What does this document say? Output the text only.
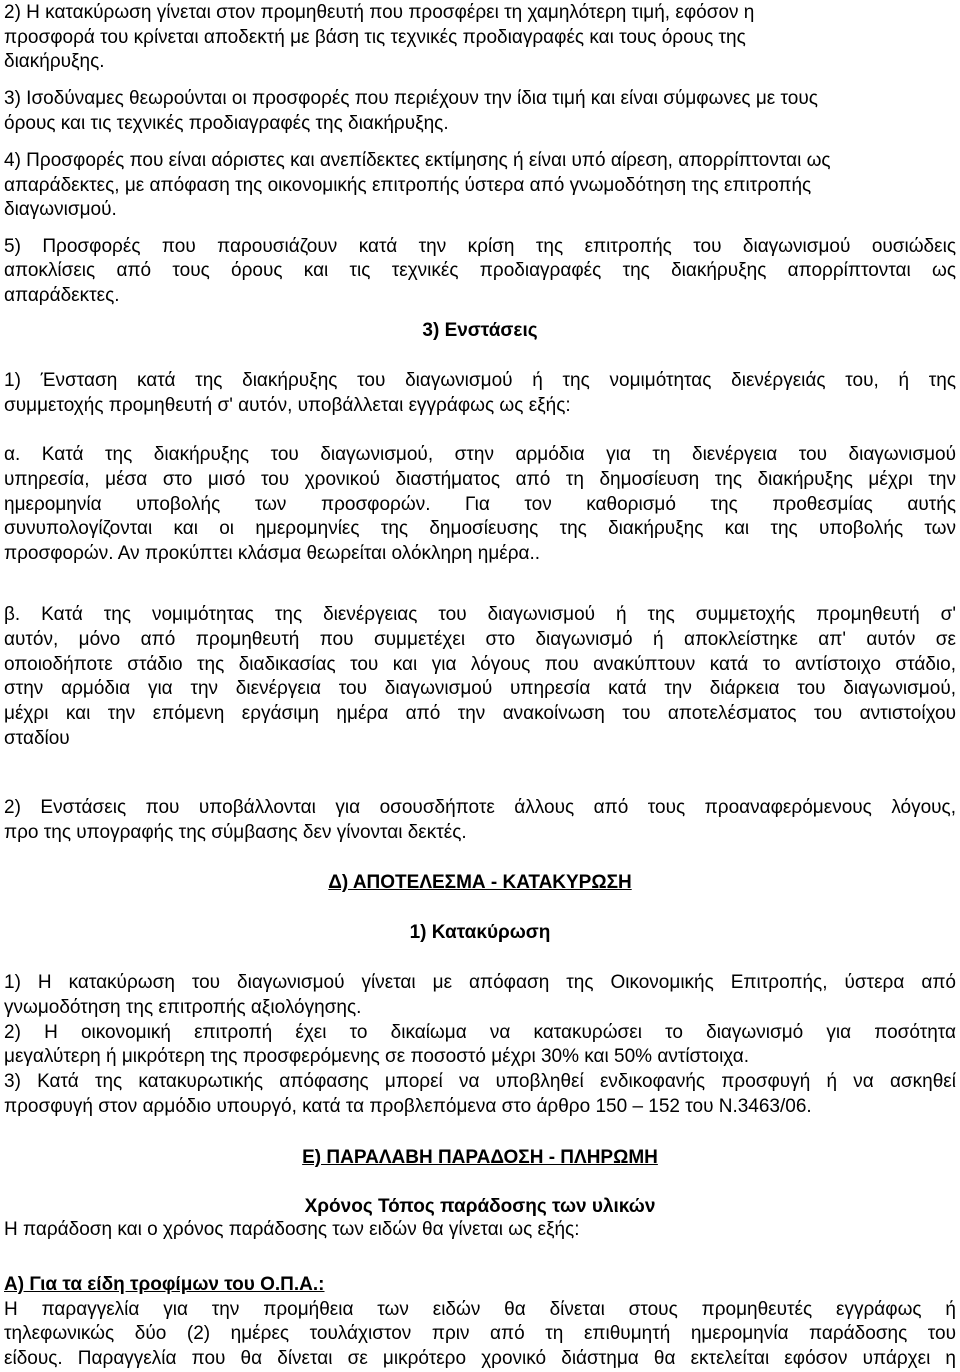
2) Η κατακύρωση γίνεται στον προμηθευτή που προσφέρει τη χαμηλότερη τιμή, εφόσον η
προσφορά του κρίνεται αποδεκτή με βάση τις τεχνικές προδιαγραφές και τους όρους της
διακήρυξης.
3) Ισοδύναμες θεωρούνται οι προσφορές που περιέχουν την ίδια τιμή και είναι σύμφωνες με τους
όρους και τις τεχνικές προδιαγραφές της διακήρυξης.
4) Προσφορές που είναι αόριστες και ανεπίδεκτες εκτίμησης ή είναι υπό αίρεση, απορρίπτονται ως
απαράδεκτες, με απόφαση της οικονομικής επιτροπής ύστερα από γνωμοδότηση της επιτροπής
διαγωνισμού.
5) Προσφορές που παρουσιάζουν κατά την κρίση της επιτροπής του διαγωνισμού ουσιώδεις
αποκλίσεις από τους όρους και τις τεχνικές προδιαγραφές της διακήρυξης απορρίπτονται ως
απαράδεκτες.
1) Ένσταση κατά της διακήρυξης του διαγωνισμού ή της νομιμότητας διενέργειάς του, ή της
συμμετοχής προμηθευτή σ' αυτόν, υποβάλλεται εγγράφως ως εξής:
α. Κατά της διακήρυξης του διαγωνισμού, στην αρμόδια για τη διενέργεια του διαγωνισμού
υπηρεσία, μέσα στο μισό του χρονικού διαστήματος από τη δημοσίευση της διακήρυξης μέχρι την
ημερομηνία υποβολής των προσφορών. Για τον καθορισμό της προθεσμίας αυτής
συνυπολογίζονται και οι ημερομηνίες της δημοσίευσης της διακήρυξης και της υποβολής των
προσφορών. Αν προκύπτει κλάσμα θεωρείται ολόκληρη ημέρα..
β. Κατά της νομιμότητας της διενέργειας του διαγωνισμού ή της συμμετοχής προμηθευτή σ'
αυτόν, μόνο από προμηθευτή που συμμετέχει στο διαγωνισμό ή αποκλείστηκε απ' αυτόν σε
οποιοδήποτε στάδιο της διαδικασίας του και για λόγους που ανακύπτουν κατά το αντίστοιχο στάδιο,
στην αρμόδια για την διενέργεια του διαγωνισμού υπηρεσία κατά την διάρκεια του διαγωνισμού,
μέχρι και την επόμενη εργάσιμη ημέρα από την ανακοίνωση του αποτελέσματος του αντιστοίχου
σταδίου
2) Ενστάσεις που υποβάλλονται για οσουσδήποτε άλλους από τους προαναφερόμενους λόγους,
προ της υπογραφής της σύμβασης δεν γίνονται δεκτές.
1) Η κατακύρωση του διαγωνισμού γίνεται με απόφαση της Οικονομικής Επιτροπής, ύστερα από
γνωμοδότηση της επιτροπής αξιολόγησης.
2) Η οικονομική επιτροπή έχει το δικαίωμα να κατακυρώσει το διαγωνισμό για ποσότητα
μεγαλύτερη ή μικρότερη της προσφερόμενης σε ποσοστό μέχρι 30% και 50% αντίστοιχα.
3) Κατά της κατακυρωτικής απόφασης μπορεί να υποβληθεί ενδικοφανής προσφυγή ή να ασκηθεί
προσφυγή στον αρμόδιο υπουργό, κατά τα προβλεπόμενα στο άρθρο 150 – 152 του Ν.3463/06.
Η παράδοση και ο χρόνος παράδοσης των ειδών θα γίνεται ως εξής:
Η παραγγελία για την προμήθεια των ειδών θα δίνεται στους προμηθευτές εγγράφως ή
τηλεφωνικώς δύο (2) ημέρες τουλάχιστον πριν από τη επιθυμητή ημερομηνία παράδοσης του
είδους. Παραγγελία που θα δίνεται σε μικρότερο χρονικό διάστημα θα εκτελείται εφόσον υπάρχει η
3) Ενστάσεις
Δ) ΑΠΟΤΕΛΕΣΜΑ - ΚΑΤΑΚΥΡΩΣΗ
1) Κατακύρωση
Ε) ΠΑΡΑΛΑΒΗ ΠΑΡΑΔΟΣΗ - ΠΛΗΡΩΜΗ
Χρόνος Τόπος παράδοσης των υλικών
Α) Για τα είδη τροφίμων του Ο.Π.Α.:
